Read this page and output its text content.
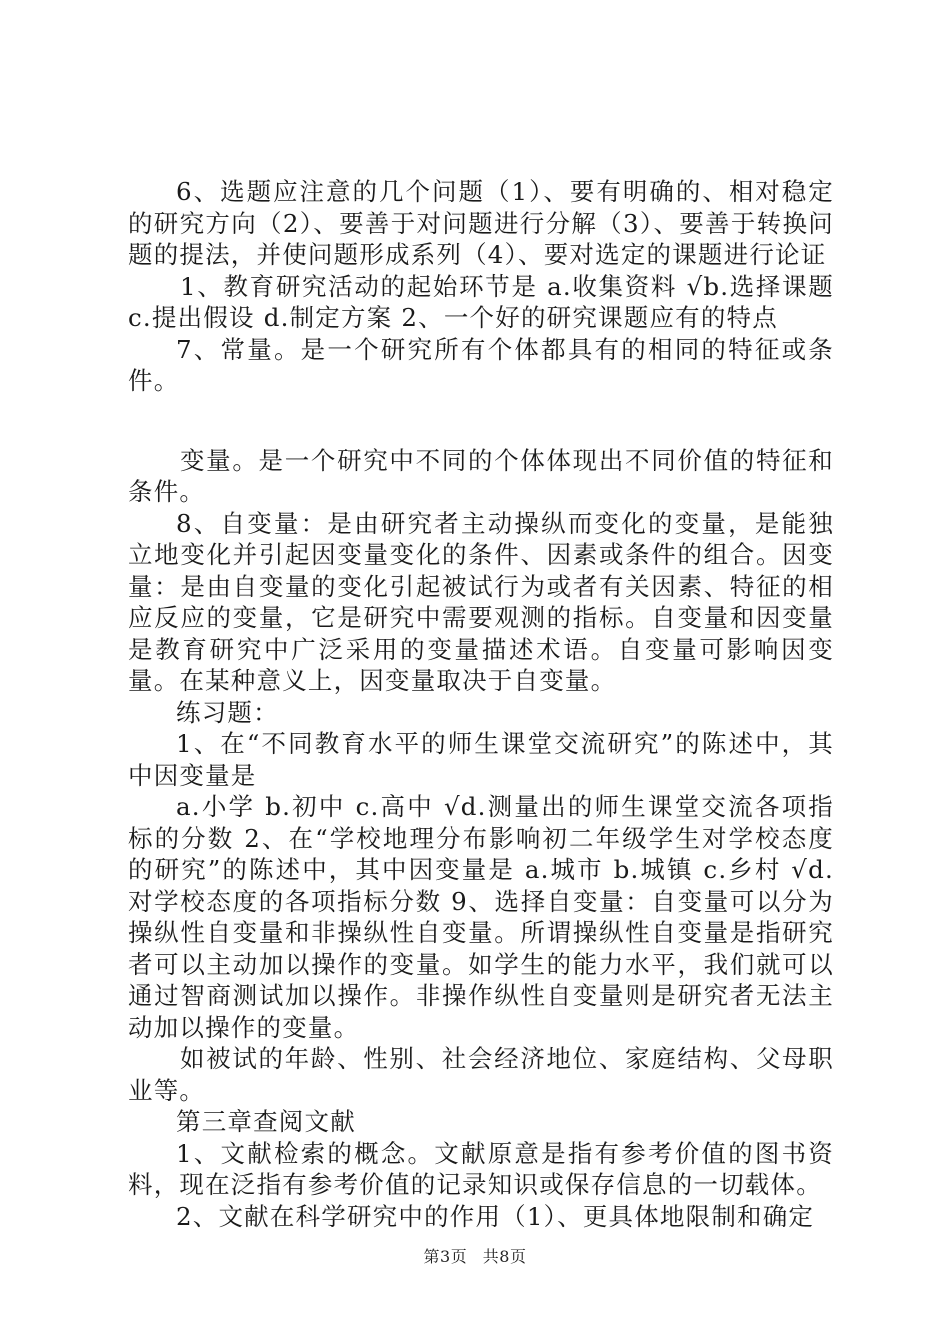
6、选题应注意的几个问题（1）、要有明确的、相对稳定的研究方向（2）、要善于对问题进行分解（3）、要善于转换问题的提法，并使问题形成系列（4）、要对选定的课题进行论证

1、教育研究活动的起始环节是 a.收集资料 √b.选择课题 c.提出假设 d.制定方案 2、一个好的研究课题应有的特点

7、常量。是一个研究所有个体都具有的相同的特征或条件。

变量。是一个研究中不同的个体体现出不同价值的特征和条件。

8、自变量：是由研究者主动操纵而变化的变量，是能独立地变化并引起因变量变化的条件、因素或条件的组合。因变量：是由自变量的变化引起被试行为或者有关因素、特征的相应反应的变量，它是研究中需要观测的指标。自变量和因变量是教育研究中广泛采用的变量描述术语。自变量可影响因变量。在某种意义上，因变量取决于自变量。

练习题：

1、在“不同教育水平的师生课堂交流研究”的陈述中，其中因变量是

a.小学 b.初中 c.高中 √d.测量出的师生课堂交流各项指标的分数 2、在“学校地理分布影响初二年级学生对学校态度的研究”的陈述中，其中因变量是 a.城市 b.城镇 c.乡村 √d.对学校态度的各项指标分数 9、选择自变量：自变量可以分为操纵性自变量和非操纵性自变量。所谓操纵性自变量是指研究者可以主动加以操作的变量。如学生的能力水平，我们就可以通过智商测试加以操作。非操作纵性自变量则是研究者无法主动加以操作的变量。

如被试的年龄、性别、社会经济地位、家庭结构、父母职业等。

第三章查阅文献

1、文献检索的概念。文献原意是指有参考价值的图书资料，现在泛指有参考价值的记录知识或保存信息的一切载体。

2、文献在科学研究中的作用（1）、更具体地限制和确定

第3页 共8页
